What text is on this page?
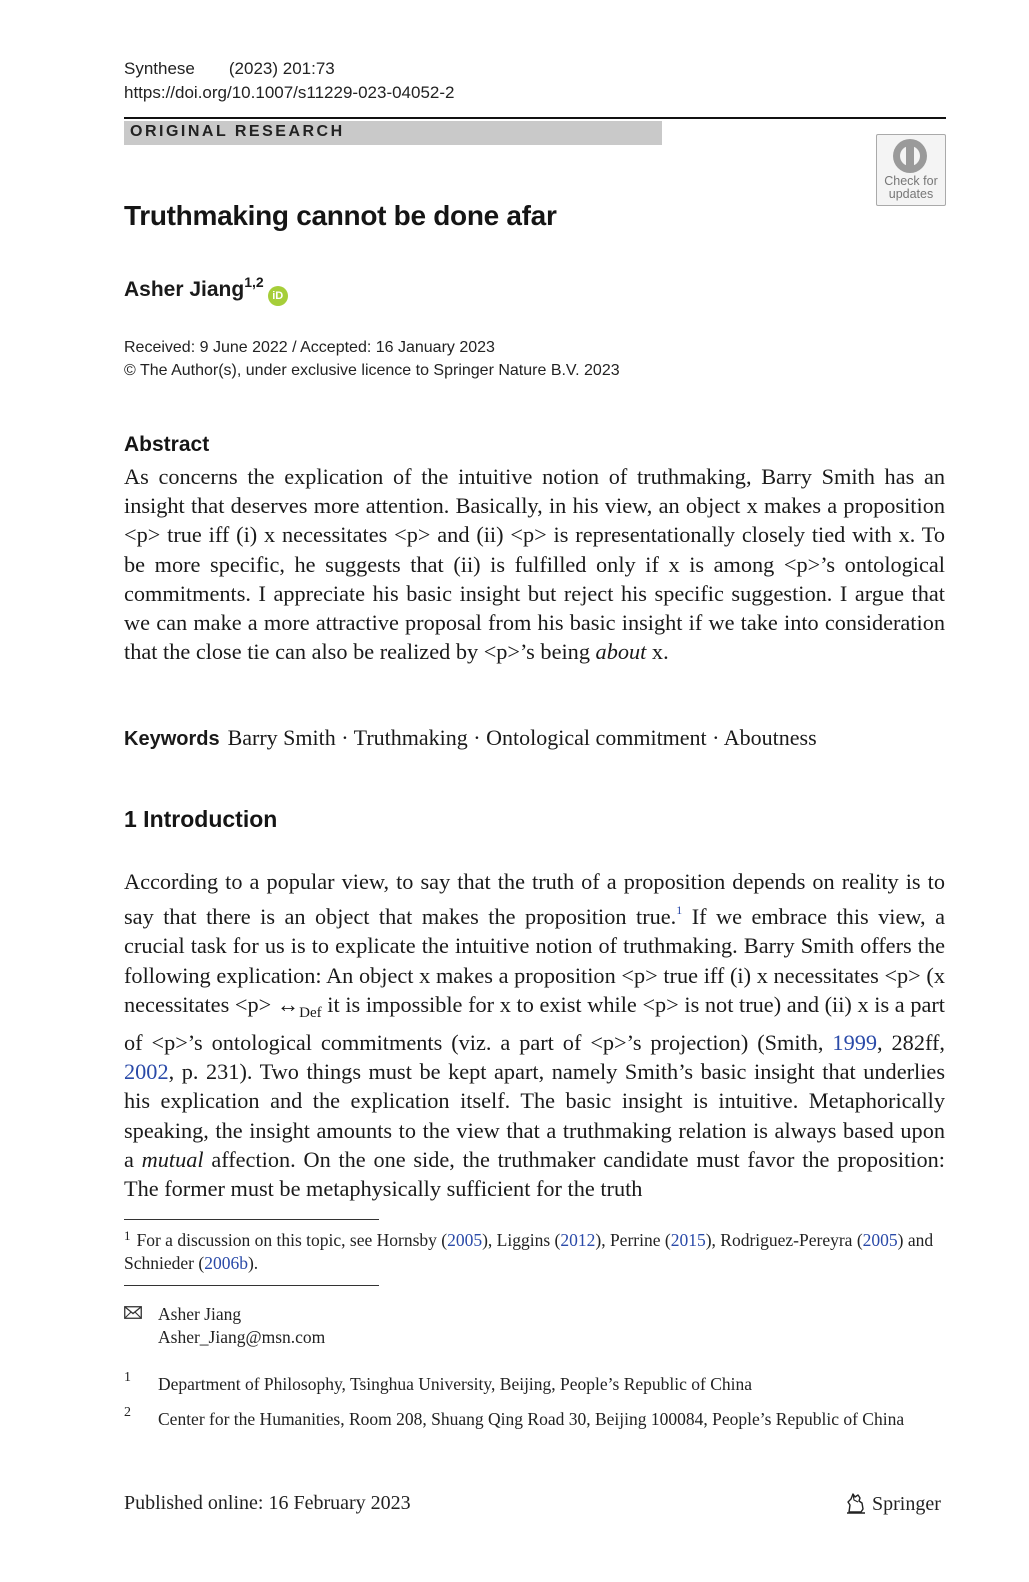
Synthese (2023) 201:73
https://doi.org/10.1007/s11229-023-04052-2
ORIGINAL RESEARCH
Check for
updates
Truthmaking cannot be done afar
Asher Jiang$^{1,2}$iD
Received: 9 June 2022 / Accepted: 16 January 2023
© The Author(s), under exclusive licence to Springer Nature B.V. 2023
Abstract

As concerns the explication of the intuitive notion of truthmaking, Barry Smith has an insight that deserves more attention. Basically, in his view, an object x makes a proposition <p> true iff (i) x necessitates <p> and (ii) <p> is representationally closely tied with x. To be more specific, he suggests that (ii) is fulfilled only if x is among <p>’s ontological commitments. I appreciate his basic insight but reject his specific suggestion. I argue that we can make a more attractive proposal from his basic insight if we take into consideration that the close tie can also be realized by <p>’s being about x.

Keywords Barry Smith · Truthmaking · Ontological commitment · Aboutness
1 Introduction

According to a popular view, to say that the truth of a proposition depends on reality is to say that there is an object that makes the proposition true.$^1$ If we embrace this view, a crucial task for us is to explicate the intuitive notion of truthmaking. Barry Smith offers the following explication: An object x makes a proposition <p> true iff (i) x necessitates <p> (x necessitates $<p> \leftrightarrow_{Def}$ it is impossible for x to exist while <p> is not true) and (ii) x is a part of <p>’s ontological commitments (viz. a part of <p>’s projection) (Smith, 1999, 282ff, 2002, p. 231). Two things must be kept apart, namely Smith’s basic insight that underlies his explication and the explication itself. The basic insight is intuitive. Metaphorically speaking, the insight amounts to the view that a truthmaking relation is always based upon a mutual affection. On the one side, the truthmaker candidate must favor the proposition: The former must be metaphysically sufficient for the truth

$^1$ For a discussion on this topic, see Hornsby (2005), Liggins (2012), Perrine (2015), Rodriguez-Pereyra (2005) and Schnieder (2006b).
Asher Jiang
Asher_Jiang@msn.com
1 Department of Philosophy, Tsinghua University, Beijing, People’s Republic of China
2 Center for the Humanities, Room 208, Shuang Qing Road 30, Beijing 100084, People’s Republic of China
Published online: 16 February 2023	Springer
